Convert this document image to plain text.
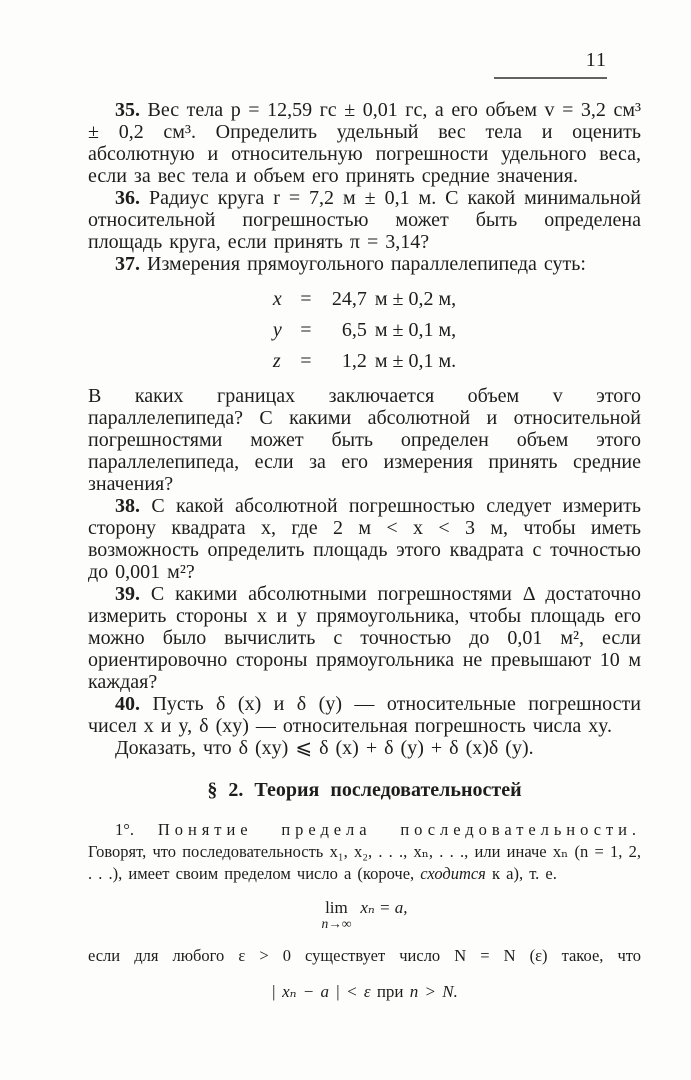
11

35. Вес тела p = 12,59 гс ± 0,01 гс, а его объем v = 3,2 см³ ± 0,2 см³. Определить удельный вес тела и оценить абсолютную и относительную погрешности удельного веса, если за вес тела и объем его принять средние значения.

36. Радиус круга r = 7,2 м ± 0,1 м. С какой минимальной относительной погрешностью может быть определена площадь круга, если принять π = 3,14?

37. Измерения прямоугольного параллелепипеда суть:

x =	24,7 м ± 0,2 м,
y =	6,5 м ± 0,1 м,
z =	1,2 м ± 0,1 м.

В каких границах заключается объем v этого параллелепипеда? С какими абсолютной и относительной погрешностями может быть определен объем этого параллелепипеда, если за его измерения принять средние значения?

38. С какой абсолютной погрешностью следует измерить сторону квадрата x, где 2 м < x < 3 м, чтобы иметь возможность определить площадь этого квадрата с точностью до 0,001 м²?

39. С какими абсолютными погрешностями Δ достаточно измерить стороны x и y прямоугольника, чтобы площадь его можно было вычислить с точностью до 0,01 м², если ориентировочно стороны прямоугольника не превышают 10 м каждая?

40. Пусть δ (x) и δ (y) — относительные погрешности чисел x и y, δ (xy) — относительная погрешность числа xy.

Доказать, что δ (xy) ⩽ δ (x) + δ (y) + δ (x)δ (y).

§ 2. Теория последовательностей

1°. Понятие предела последовательности. Говорят, что последовательность x₁, x₂, . . ., xₙ, . . ., или иначе xₙ (n = 1, 2, . . .), имеет своим пределом число a (короче, сходится к a), т. е.

lim
n→∞
xₙ = a,

если для любого ε > 0 существует число N = N (ε) такое, что

| xₙ − a | < ε при n > N.
